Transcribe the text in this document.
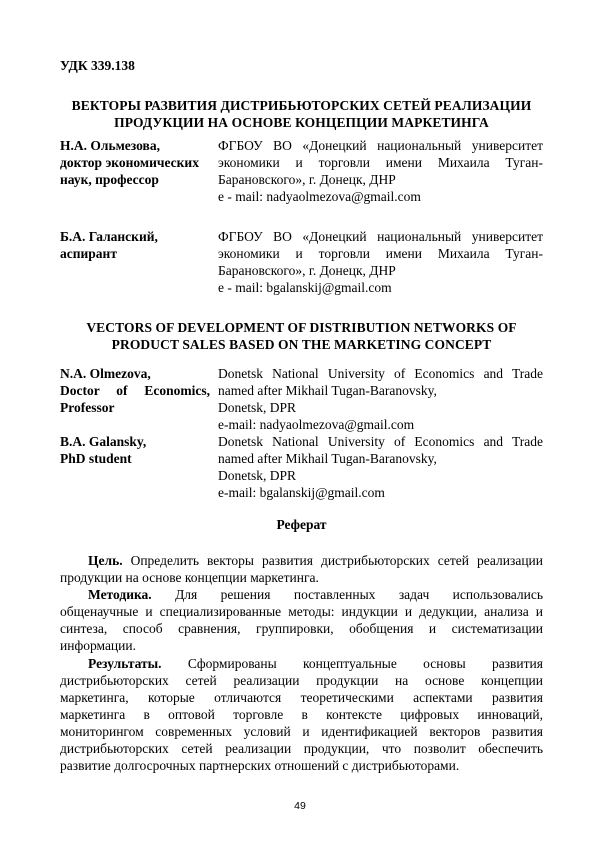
УДК 339.138
ВЕКТОРЫ РАЗВИТИЯ ДИСТРИБЬЮТОРСКИХ СЕТЕЙ РЕАЛИЗАЦИИ
ПРОДУКЦИИ НА ОСНОВЕ КОНЦЕПЦИИ МАРКЕТИНГА
Н.А. Ольмезова,
доктор экономических
наук, профессор
ФГБОУ ВО «Донецкий национальный университет
экономики и торговли имени Михаила Туган-
Барановского», г. Донецк, ДНР
e - mail: nadyaolmezova@gmail.com
Б.А. Галанский,
аспирант
ФГБОУ ВО «Донецкий национальный университет
экономики и торговли имени Михаила Туган-
Барановского», г. Донецк, ДНР
e - mail: bgalanskij@gmail.com
VECTORS OF DEVELOPMENT OF DISTRIBUTION NETWORKS OF
PRODUCT SALES BASED ON THE MARKETING CONCEPT
N.A. Olmezova,
Doctor of Economics,
Professor
Donetsk National University of Economics and Trade
named after Mikhail Tugan-Baranovsky,
Donetsk, DPR
e-mail: nadyaolmezova@gmail.com
B.A. Galansky,
PhD student
Donetsk National University of Economics and Trade
named after Mikhail Tugan-Baranovsky,
Donetsk, DPR
e-mail: bgalanskij@gmail.com
Реферат
Цель. Определить векторы развития дистрибьюторских сетей реализации
продукции на основе концепции маркетинга.
Методика. Для решения поставленных задач использовались
общенаучные и специализированные методы: индукции и дедукции, анализа и
синтеза, способ сравнения, группировки, обобщения и систематизации
информации.
Результаты. Сформированы концептуальные основы развития
дистрибьюторских сетей реализации продукции на основе концепции
маркетинга, которые отличаются теоретическими аспектами развития
маркетинга в оптовой торговле в контексте цифровых инноваций,
мониторингом современных условий и идентификацией векторов развития
дистрибьюторских сетей реализации продукции, что позволит обеспечить
развитие долгосрочных партнерских отношений с дистрибьюторами.
49
